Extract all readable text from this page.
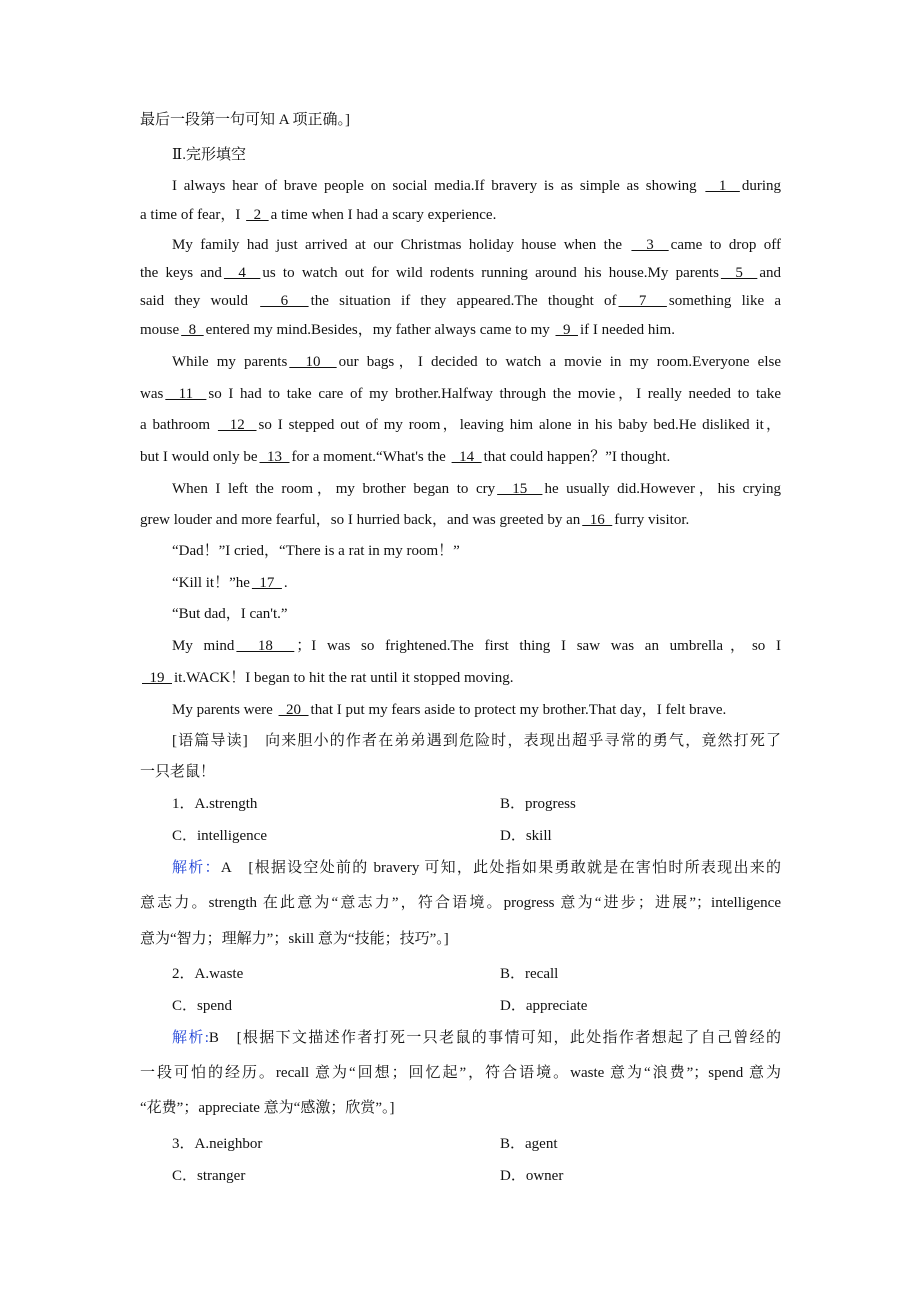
最后一段第一句可知 A 项正确。]
Ⅱ.完形填空
I always hear of brave people on social media.If bravery is as simple as showing   1  during
a time of fear，I   2  a time when I had a scary experience.
My family had just arrived at our Christmas holiday house when the   3  came to drop off
the keys and  4  us to watch out for wild rodents running around his house.My parents  5  and
said they would   6  the situation if they appeared.The thought of  7  something like a
mouse  8  entered my mind.Besides，my father always came to my   9  if I needed him.
While my parents  10  our bags，I decided to watch a movie in my room.Everyone else
was  11  so I had to take care of my brother.Halfway through the movie，I really needed to take
a bathroom   12  so I stepped out of my room，leaving him alone in his baby bed.He disliked it，
but I would only be  13  for a moment.“What's the   14  that could happen？”I thought.
When I left the room，my brother began to cry  15  he usually did.However，his crying
grew louder and more fearful，so I hurried back，and was greeted by an  16  furry visitor.
“Dad！”I cried，“There is a rat in my room！”
“Kill it！”he  17  .
“But dad，I can't.”
My mind  18  ；I was so frightened.The first thing I saw was an umbrella，so I
19  it.WACK！I began to hit the rat until it stopped moving.
My parents were   20  that I put my fears aside to protect my brother.That day，I felt brave.
[语篇导读]　向来胆小的作者在弟弟遇到危险时，表现出超乎寻常的勇气，竟然打死了
一只老鼠！
1．A.strength	B．progress
C．intelligence	D．skill
解析：A　[根据设空处前的 bravery 可知，此处指如果勇敢就是在害怕时所表现出来的
意志力。strength 在此意为“意志力”，符合语境。progress 意为“进步；进展”；intelligence
意为“智力；理解力”；skill 意为“技能；技巧”。]
2．A.waste	B．recall
C．spend	D．appreciate
解析:B　[根据下文描述作者打死一只老鼠的事情可知，此处指作者想起了自己曾经的
一段可怕的经历。recall 意为“回想；回忆起”，符合语境。waste 意为“浪费”；spend 意为
“花费”；appreciate 意为“感激；欣赏”。]
3．A.neighbor	B．agent
C．stranger	D．owner
